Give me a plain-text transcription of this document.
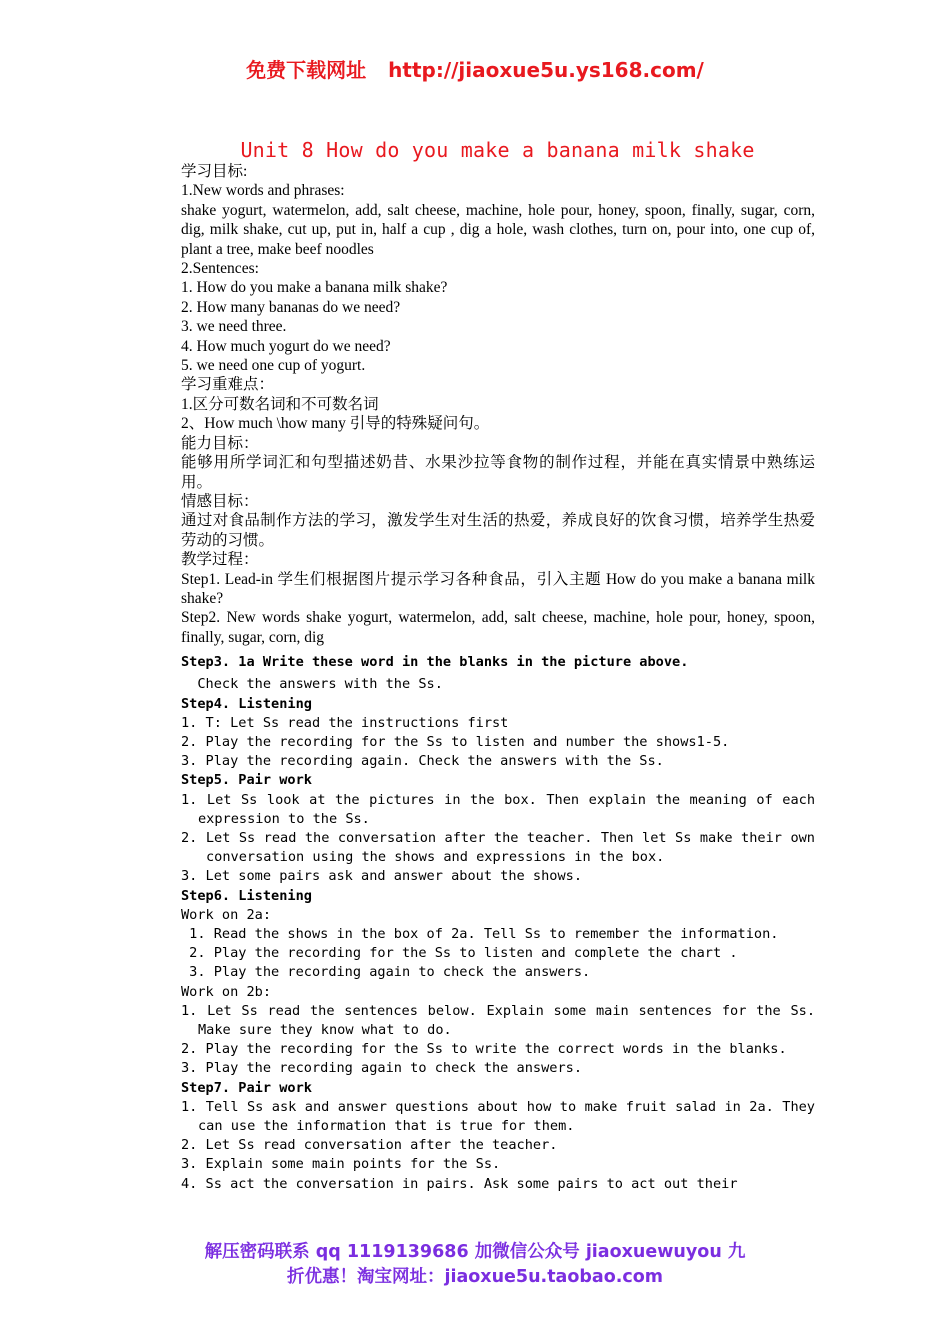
免费下载网址 http://jiaoxue5u.ys168.com/
Unit 8 How do you make a banana milk shake
学习目标:
1.New words and phrases:
shake yogurt, watermelon, add, salt cheese, machine, hole pour, honey, spoon, finally, sugar, corn, dig, milk shake, cut up, put in, half a cup , dig a hole, wash clothes, turn on, pour into, one cup of, plant a tree, make beef noodles
2.Sentences:
1. How do you make a banana milk shake?
2. How many bananas do we need?
3. we need three.
4. How much yogurt do we need?
5. we need one cup of yogurt.
学习重难点：
1.区分可数名词和不可数名词
2、How much \how many 引导的特殊疑问句。
能力目标：
能够用所学词汇和句型描述奶昔、水果沙拉等食物的制作过程，并能在真实情景中熟练运用。
情感目标：
通过对食品制作方法的学习，激发学生对生活的热爱，养成良好的饮食习惯，培养学生热爱劳动的习惯。
教学过程：
Step1. Lead-in 学生们根据图片提示学习各种食品，引入主题 How do you make a banana milk shake?
Step2. New words shake yogurt, watermelon, add, salt cheese, machine, hole pour, honey, spoon, finally, sugar, corn, dig
Step3. 1a Write these word in the blanks in the picture above.
Check the answers with the Ss.
Step4. Listening
1. T: Let Ss read the instructions first
2. Play the recording for the Ss to listen and number the shows1-5.
3. Play the recording again. Check the answers with the Ss.
Step5. Pair work
1. Let Ss look at the pictures in the box. Then explain the meaning of each expression to the Ss.
2. Let Ss read the conversation after the teacher. Then let Ss make their own conversation using the shows and expressions in the box.
3. Let some pairs ask and answer about the shows.
Step6. Listening
Work on 2a:
1. Read the shows in the box of 2a. Tell Ss to remember the information.
2. Play the recording for the Ss to listen and complete the chart .
3. Play the recording again to check the answers.
Work on 2b:
1. Let Ss read the sentences below. Explain some main sentences for the Ss. Make sure they know what to do.
2. Play the recording for the Ss to write the correct words in the blanks.
3. Play the recording again to check the answers.
Step7. Pair work
1. Tell Ss ask and answer questions about how to make fruit salad in 2a. They can use the information that is true for them.
2. Let Ss read conversation after the teacher.
3. Explain some main points for the Ss.
4. Ss act the conversation in pairs. Ask some pairs to act out their
解压密码联系 qq 1119139686 加微信公众号 jiaoxuewuyou 九
折优惠！淘宝网址：jiaoxue5u.taobao.com
